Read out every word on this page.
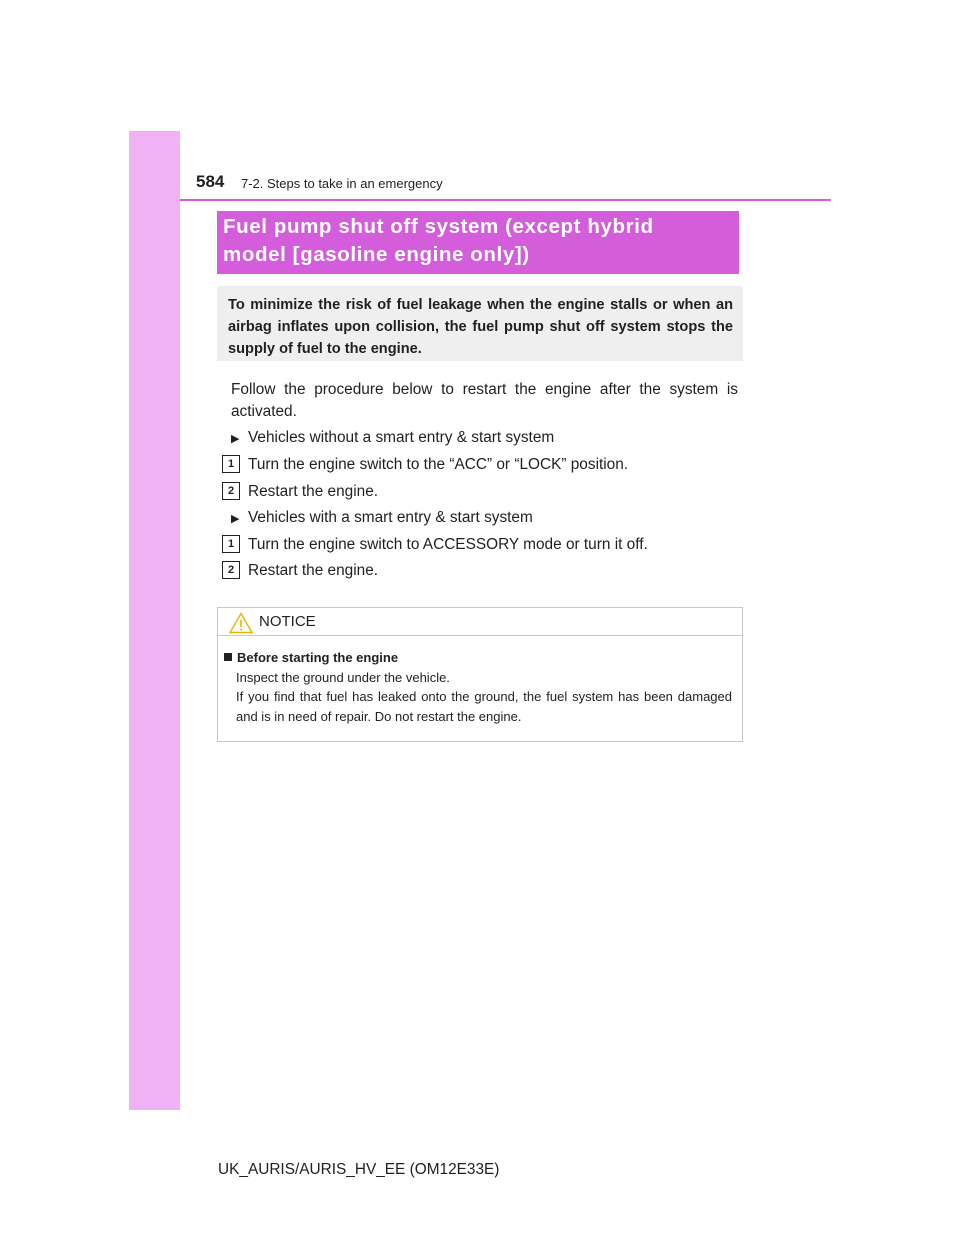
584 7-2. Steps to take in an emergency
Fuel pump shut off system (except hybrid
model [gasoline engine only])
To minimize the risk of fuel leakage when the engine stalls or when an airbag inflates upon collision, the fuel pump shut off system stops the supply of fuel to the engine.
Follow the procedure below to restart the engine after the system is activated.
▶ Vehicles without a smart entry & start system
1 Turn the engine switch to the “ACC” or “LOCK” position.
2 Restart the engine.
▶ Vehicles with a smart entry & start system
1 Turn the engine switch to ACCESSORY mode or turn it off.
2 Restart the engine.
NOTICE
Before starting the engine
Inspect the ground under the vehicle.
If you find that fuel has leaked onto the ground, the fuel system has been damaged and is in need of repair. Do not restart the engine.
UK_AURIS/AURIS_HV_EE (OM12E33E)
